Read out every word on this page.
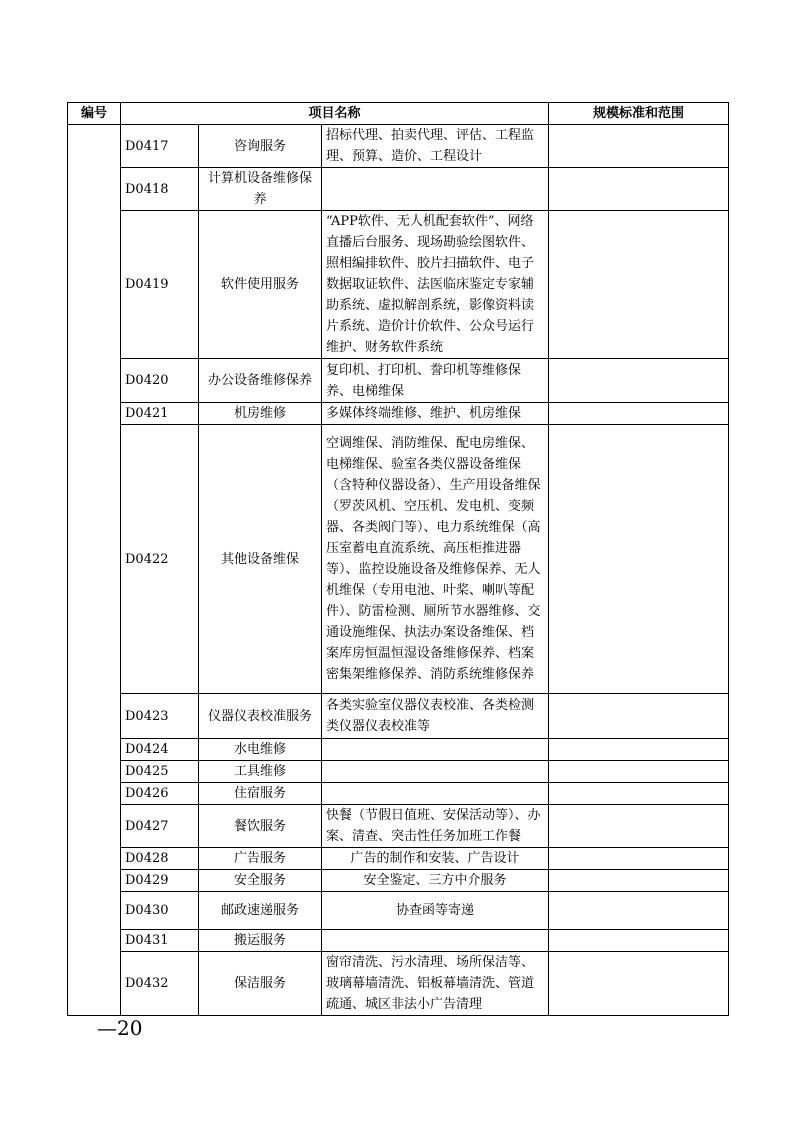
编号	项目名称			规模标准和范围
	D0417	咨询服务	招标代理、拍卖代理、评估、工程监理、预算、造价、工程设计	
	D0418	计算机设备维修保养		
	D0419	软件使用服务	“APP软件、无人机配套软件”、网络直播后台服务、现场勘验绘图软件、照相编排软件、胶片扫描软件、电子数据取证软件、法医临床鉴定专家辅助系统、虚拟解剖系统，影像资料读片系统、造价计价软件、公众号运行维护、财务软件系统	
	D0420	办公设备维修保养	复印机、打印机、誊印机等维修保养、电梯维保	
	D0421	机房维修	多媒体终端维修、维护、机房维保	
	D0422	其他设备维保	空调维保、消防维保、配电房维保、电梯维保、验室各类仪器设备维保（含特种仪器设备）、生产用设备维保（罗茨风机、空压机、发电机、变频器、各类阀门等）、电力系统维保（高压室蓄电直流系统、高压柜推进器等）、监控设施设备及维修保养、无人机维保（专用电池、叶桨、喇叭等配件）、防雷检测、厕所节水器维修、交通设施维保、执法办案设备维保、档案库房恒温恒湿设备维修保养、档案密集架维修保养、消防系统维修保养	
	D0423	仪器仪表校准服务	各类实验室仪器仪表校准、各类检测类仪器仪表校准等	
	D0424	水电维修		
	D0425	工具维修		
	D0426	住宿服务		
	D0427	餐饮服务	快餐（节假日值班、安保活动等）、办案、清查、突击性任务加班工作餐	
	D0428	广告服务	广告的制作和安装、广告设计	
	D0429	安全服务	安全鉴定、三方中介服务	
	D0430	邮政速递服务	协查函等寄递	
	D0431	搬运服务		
	D0432	保洁服务	窗帘清洗、污水清理、场所保洁等、玻璃幕墙清洗、铝板幕墙清洗、管道疏通、城区非法小广告清理	
—20
